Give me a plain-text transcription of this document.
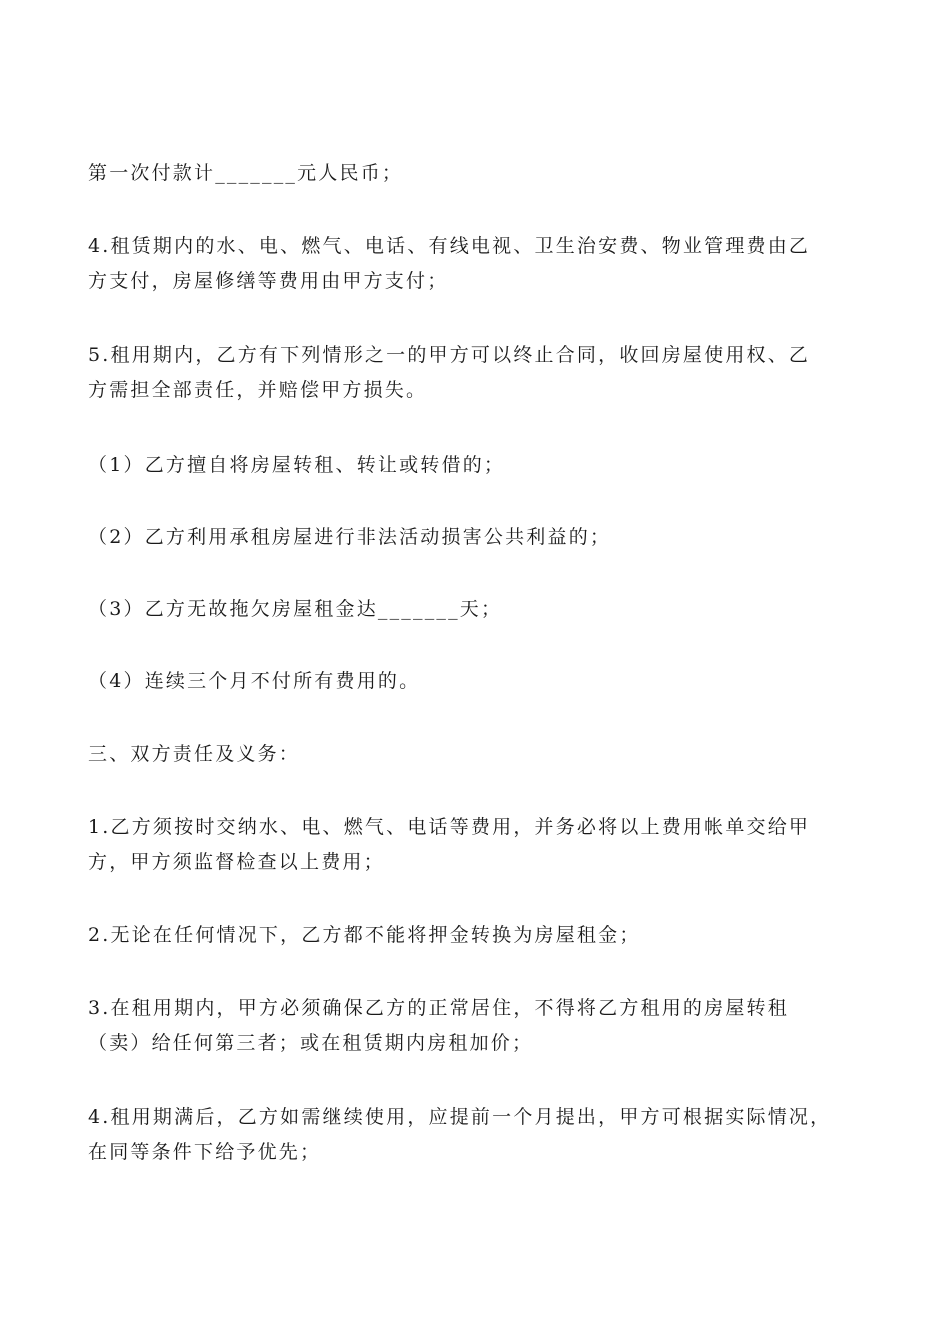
第一次付款计_______元人民币；
4.租赁期内的水、电、燃气、电话、有线电视、卫生治安费、物业管理费由乙
方支付，房屋修缮等费用由甲方支付；
5.租用期内，乙方有下列情形之一的甲方可以终止合同，收回房屋使用权、乙
方需担全部责任，并赔偿甲方损失。
（1）乙方擅自将房屋转租、转让或转借的；
（2）乙方利用承租房屋进行非法活动损害公共利益的；
（3）乙方无故拖欠房屋租金达_______天；
（4）连续三个月不付所有费用的。
三、双方责任及义务：
1.乙方须按时交纳水、电、燃气、电话等费用，并务必将以上费用帐单交给甲
方，甲方须监督检查以上费用；
2.无论在任何情况下，乙方都不能将押金转换为房屋租金；
3.在租用期内，甲方必须确保乙方的正常居住，不得将乙方租用的房屋转租
（卖）给任何第三者；或在租赁期内房租加价；
4.租用期满后，乙方如需继续使用，应提前一个月提出，甲方可根据实际情况，
在同等条件下给予优先；
